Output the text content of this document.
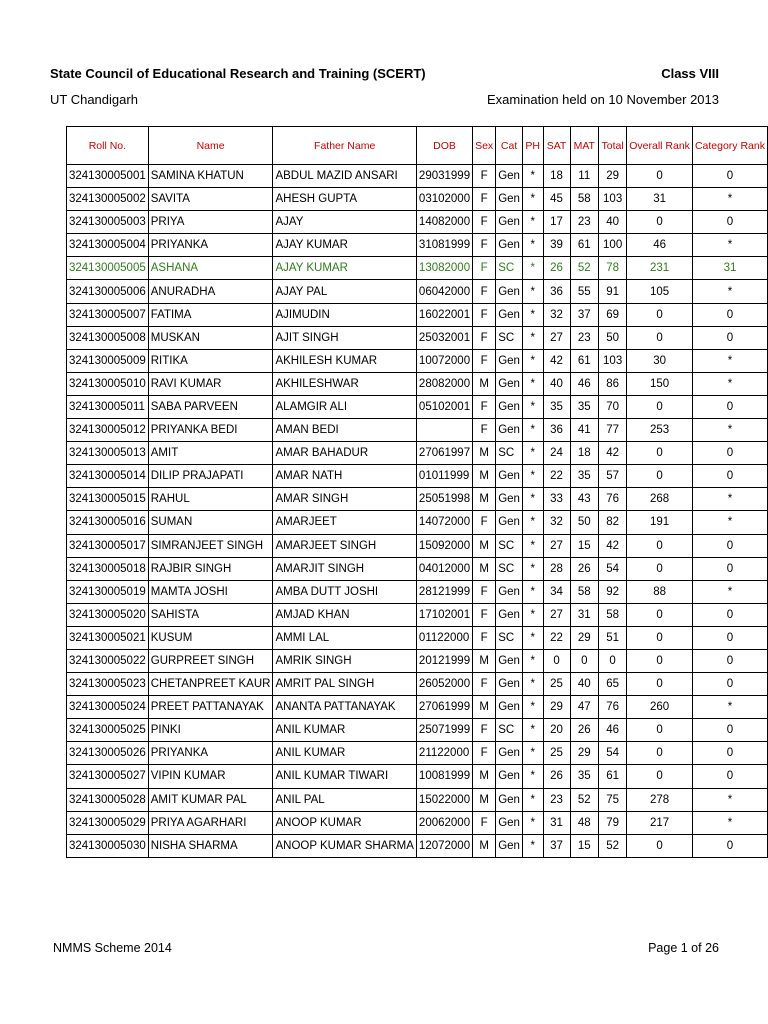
State Council of Educational Research and Training (SCERT)	Class VIII
UT Chandigarh	Examination held on 10 November 2013
Roll No.	Name	Father Name	DOB	Sex	Cat	PH	SAT	MAT	Total	Overall Rank	Category Rank
324130005001	SAMINA KHATUN	ABDUL MAZID ANSARI	29031999	F	Gen	*	18	11	29	0	0
324130005002	SAVITA	AHESH GUPTA	03102000	F	Gen	*	45	58	103	31	*
324130005003	PRIYA	AJAY	14082000	F	Gen	*	17	23	40	0	0
324130005004	PRIYANKA	AJAY KUMAR	31081999	F	Gen	*	39	61	100	46	*
324130005005	ASHANA	AJAY KUMAR	13082000	F	SC	*	26	52	78	231	31
324130005006	ANURADHA	AJAY PAL	06042000	F	Gen	*	36	55	91	105	*
324130005007	FATIMA	AJIMUDIN	16022001	F	Gen	*	32	37	69	0	0
324130005008	MUSKAN	AJIT SINGH	25032001	F	SC	*	27	23	50	0	0
324130005009	RITIKA	AKHILESH KUMAR	10072000	F	Gen	*	42	61	103	30	*
324130005010	RAVI KUMAR	AKHILESHWAR	28082000	M	Gen	*	40	46	86	150	*
324130005011	SABA PARVEEN	ALAMGIR ALI	05102001	F	Gen	*	35	35	70	0	0
324130005012	PRIYANKA BEDI	AMAN BEDI		F	Gen	*	36	41	77	253	*
324130005013	AMIT	AMAR BAHADUR	27061997	M	SC	*	24	18	42	0	0
324130005014	DILIP PRAJAPATI	AMAR NATH	01011999	M	Gen	*	22	35	57	0	0
324130005015	RAHUL	AMAR SINGH	25051998	M	Gen	*	33	43	76	268	*
324130005016	SUMAN	AMARJEET	14072000	F	Gen	*	32	50	82	191	*
324130005017	SIMRANJEET SINGH	AMARJEET SINGH	15092000	M	SC	*	27	15	42	0	0
324130005018	RAJBIR SINGH	AMARJIT SINGH	04012000	M	SC	*	28	26	54	0	0
324130005019	MAMTA JOSHI	AMBA DUTT JOSHI	28121999	F	Gen	*	34	58	92	88	*
324130005020	SAHISTA	AMJAD KHAN	17102001	F	Gen	*	27	31	58	0	0
324130005021	KUSUM	AMMI LAL	01122000	F	SC	*	22	29	51	0	0
324130005022	GURPREET SINGH	AMRIK SINGH	20121999	M	Gen	*	0	0	0	0	0
324130005023	CHETANPREET KAUR	AMRIT PAL SINGH	26052000	F	Gen	*	25	40	65	0	0
324130005024	PREET PATTANAYAK	ANANTA PATTANAYAK	27061999	M	Gen	*	29	47	76	260	*
324130005025	PINKI	ANIL KUMAR	25071999	F	SC	*	20	26	46	0	0
324130005026	PRIYANKA	ANIL KUMAR	21122000	F	Gen	*	25	29	54	0	0
324130005027	VIPIN KUMAR	ANIL KUMAR TIWARI	10081999	M	Gen	*	26	35	61	0	0
324130005028	AMIT KUMAR PAL	ANIL PAL	15022000	M	Gen	*	23	52	75	278	*
324130005029	PRIYA AGARHARI	ANOOP KUMAR	20062000	F	Gen	*	31	48	79	217	*
324130005030	NISHA SHARMA	ANOOP KUMAR SHARMA	12072000	M	Gen	*	37	15	52	0	0
NMMS Scheme 2014	Page 1 of 26
